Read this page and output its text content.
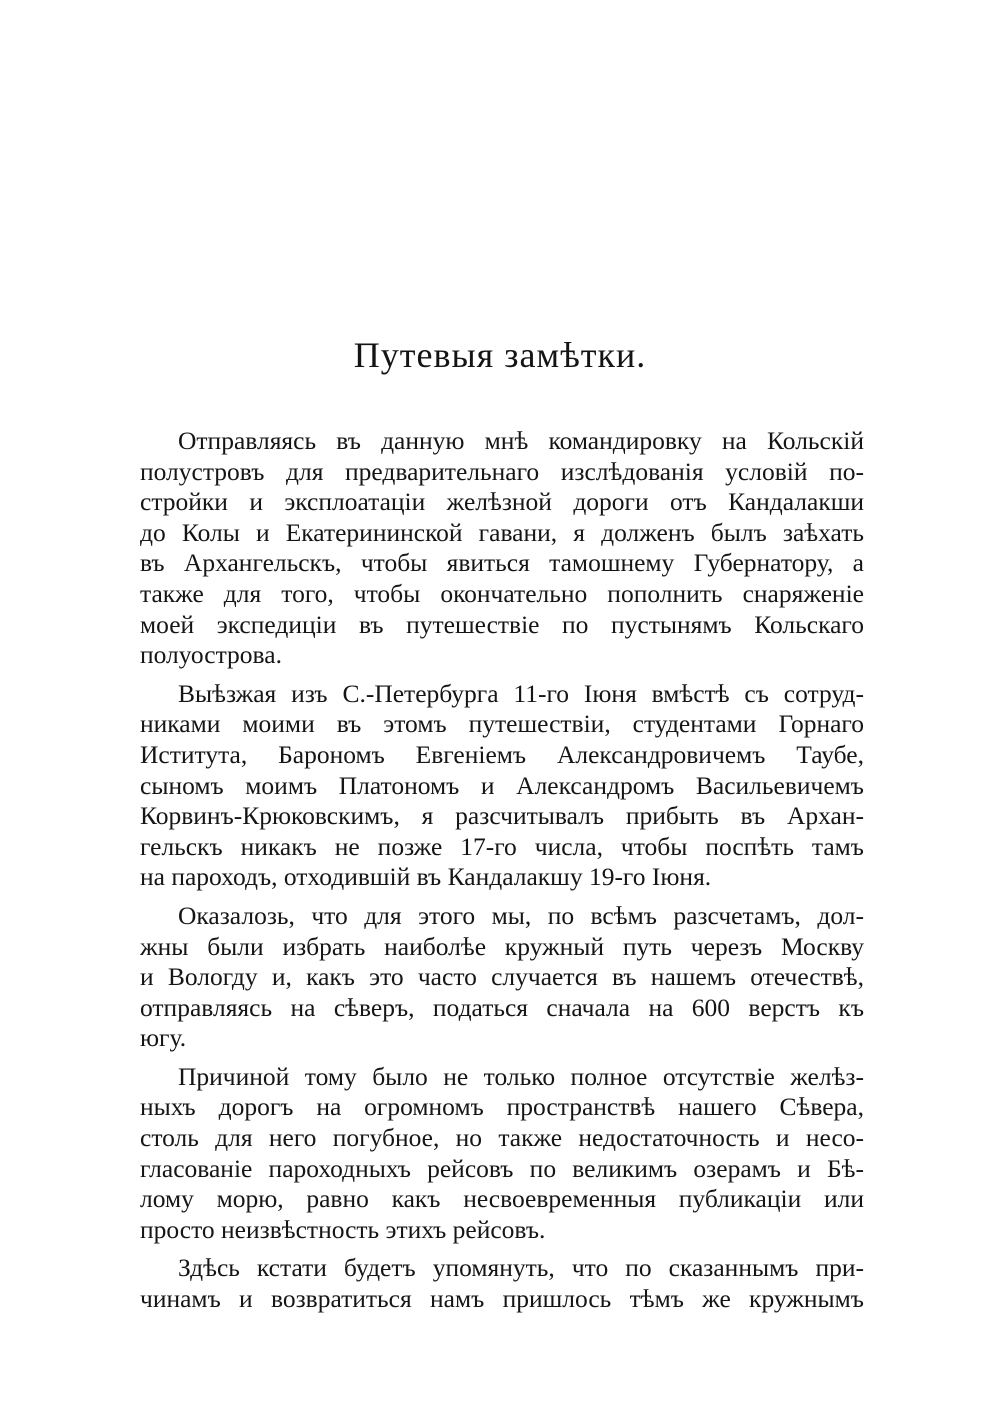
Путевыя замѣтки.
Отправляясь въ данную мнѣ командировку на Кольскій
полустровъ для предварительнаго изслѣдованія условій по-
стройки и эксплоатаціи желѣзной дороги отъ Кандалакши
до Колы и Екатерининской гавани, я долженъ былъ заѣхать
въ Архангельскъ, чтобы явиться тамошнему Губернатору, а
также для того, чтобы окончательно пополнить снаряженіе
моей экспедиціи въ путешествіе по пустынямъ Кольскаго
полуострова.
Выѣзжая изъ С.-Петербурга 11-го Іюня вмѣстѣ съ сотруд-
никами моими въ этомъ путешествіи, студентами Горнаго
Иститута, Барономъ Евгеніемъ Александровичемъ Таубе,
сыномъ моимъ Платономъ и Александромъ Васильевичемъ
Корвинъ-Крюковскимъ, я разсчитывалъ прибыть въ Архан-
гельскъ никакъ не позже 17-го числа, чтобы поспѣть тамъ
на пароходъ, отходившій въ Кандалакшу 19-го Іюня.
Оказалозь, что для этого мы, по всѣмъ разсчетамъ, дол-
жны были избрать наиболѣе кружный путь черезъ Москву
и Вологду и, какъ это часто случается въ нашемъ отечествѣ,
отправляясь на сѣверъ, податься сначала на 600 верстъ къ
югу.
Причиной тому было не только полное отсутствіе желѣз-
ныхъ дорогъ на огромномъ пространствѣ нашего Сѣвера,
столь для него погубное, но также недостаточность и несо-
гласованіе пароходныхъ рейсовъ по великимъ озерамъ и Бѣ-
лому морю, равно какъ несвоевременныя публикаціи или
просто неизвѣстность этихъ рейсовъ.
Здѣсь кстати будетъ упомянуть, что по сказаннымъ при-
чинамъ и возвратиться намъ пришлось тѣмъ же кружнымъ
